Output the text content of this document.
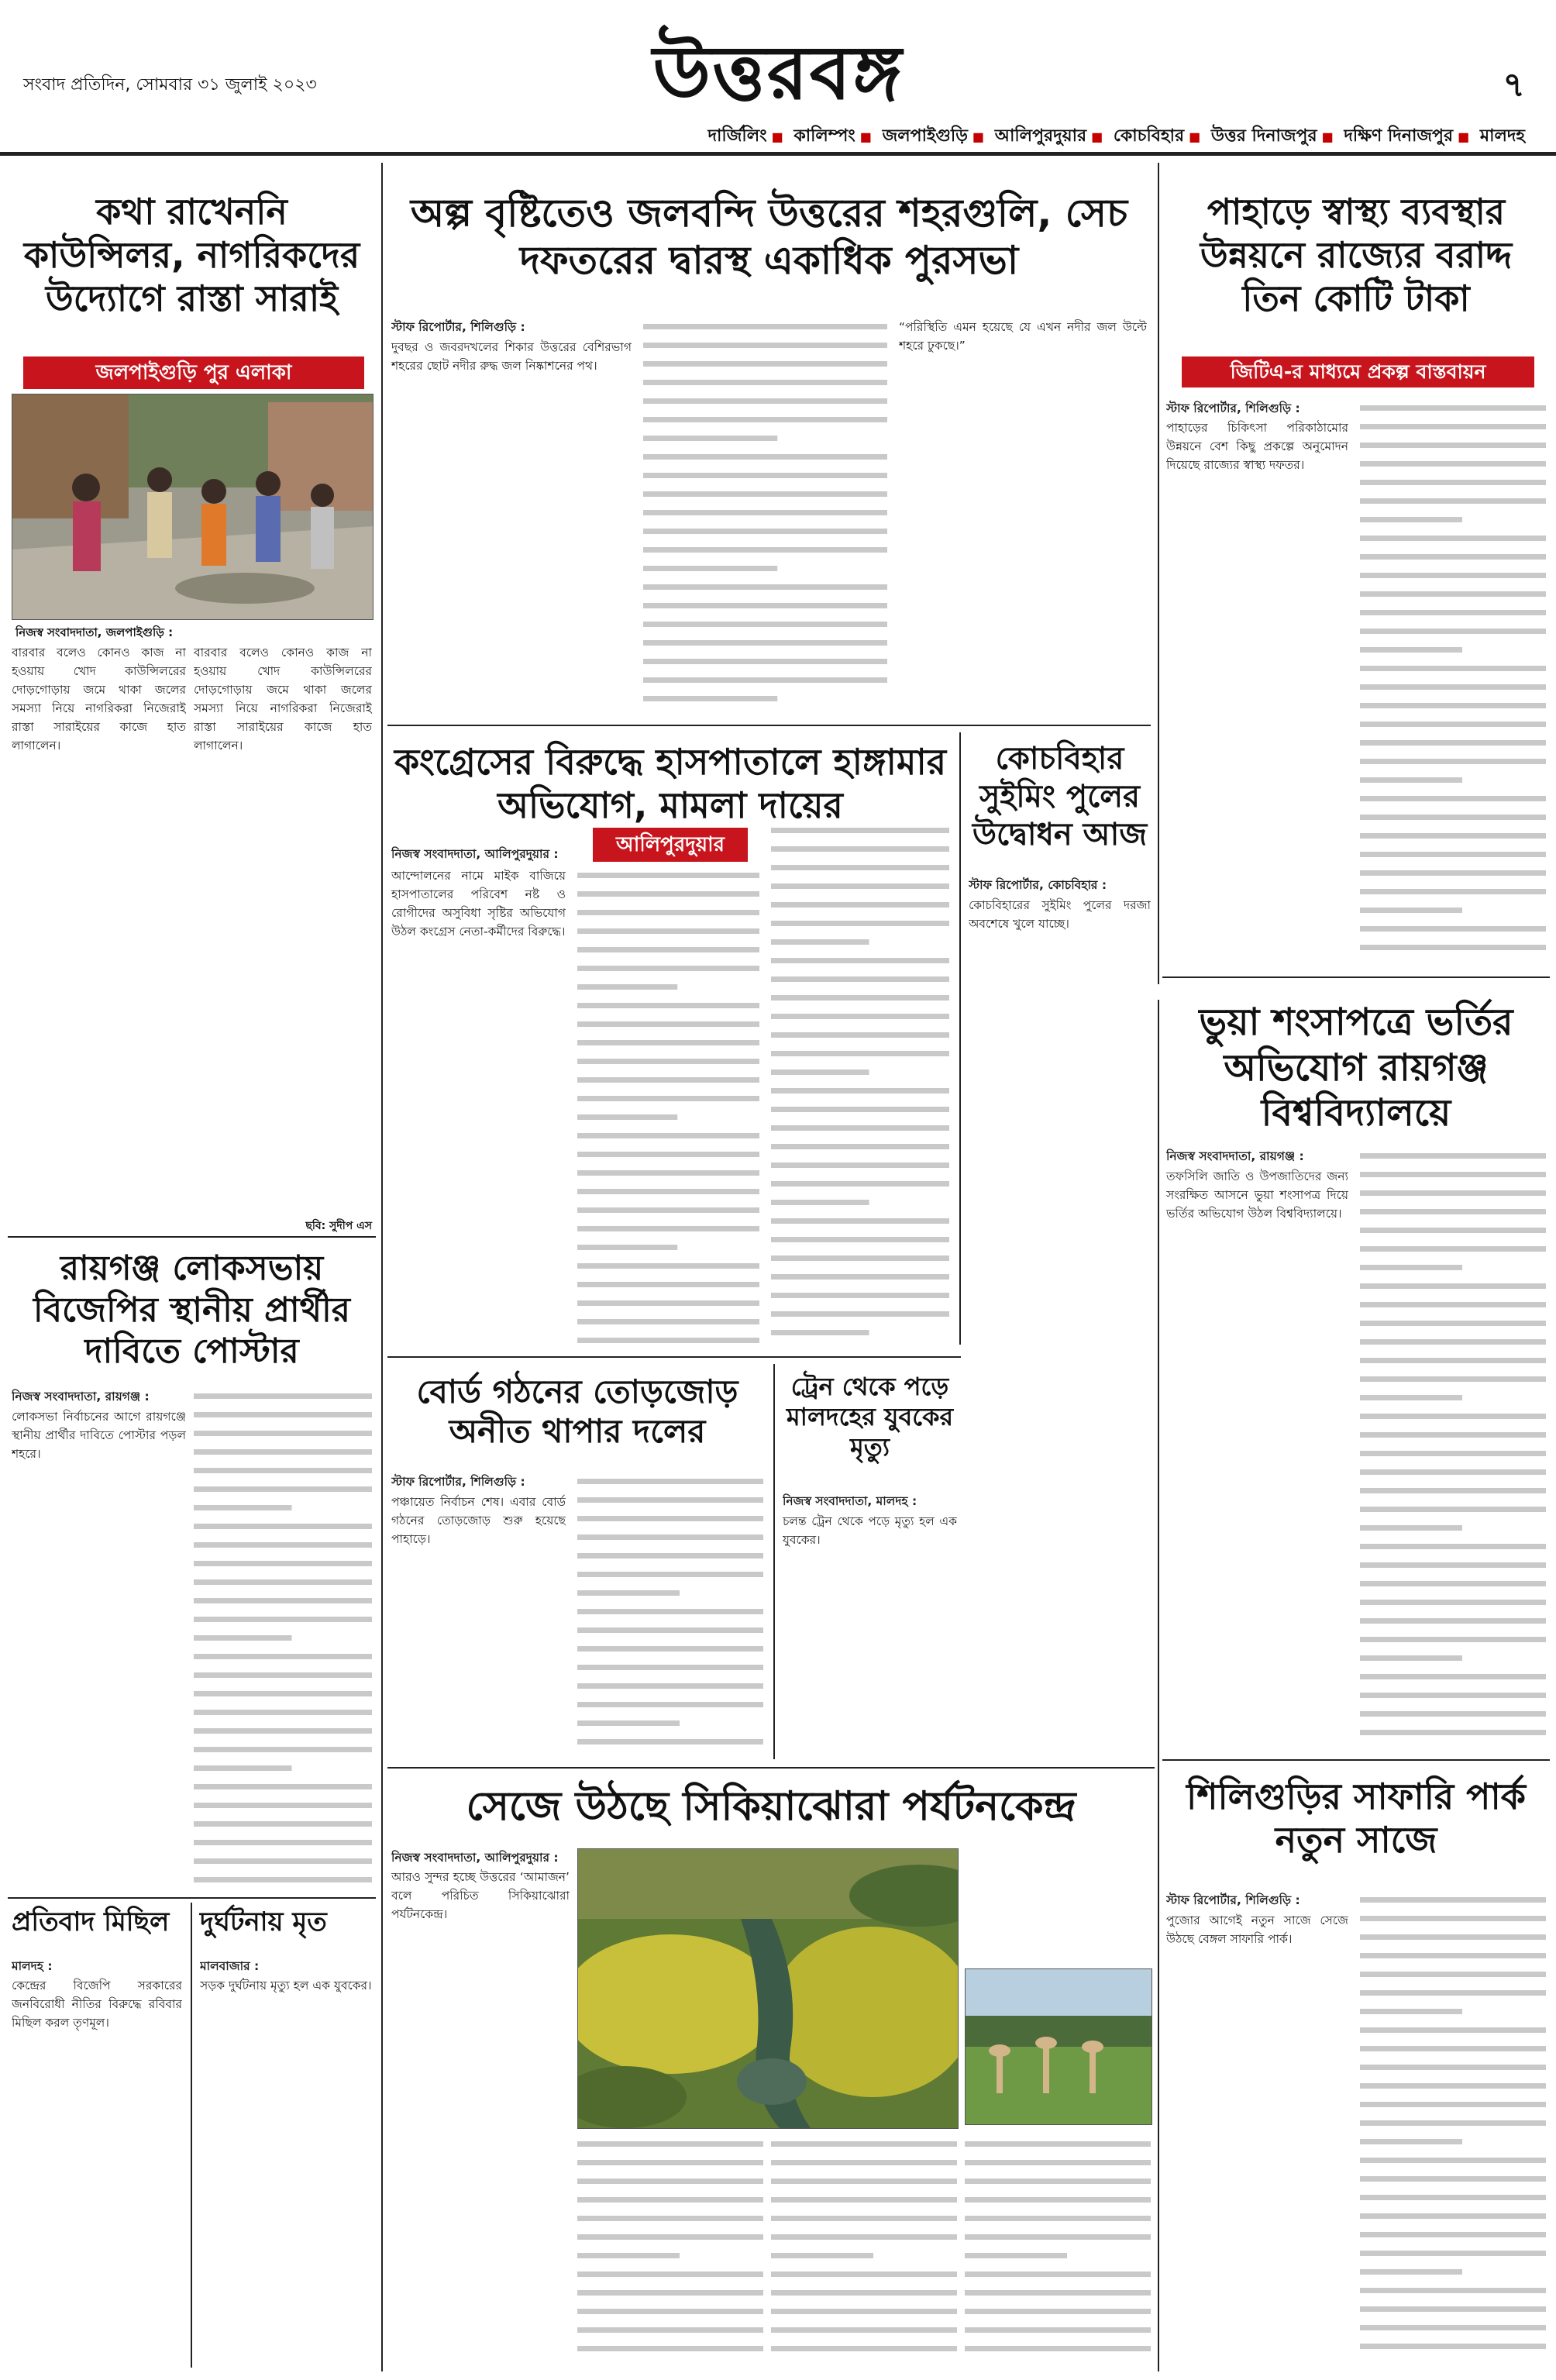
উত্তরবঙ্গ
সংবাদ প্রতিদিন, সোমবার ৩১ জুলাই ২০২৩	৭
দার্জিলিং ■ কালিম্পং ■ জলপাইগুড়ি ■ আলিপুরদুয়ার ■ কোচবিহার ■ উত্তর দিনাজপুর ■ দক্ষিণ দিনাজপুর ■ মালদহ
কথা রাখেননি কাউন্সিলর, নাগরিকদের উদ্যোগে রাস্তা সারাই
জলপাইগুড়ি পুর এলাকা
নিজস্ব সংবাদদাতা, জলপাইগুড়ি :
বারবার বলেও কোনও কাজ না হওয়ায় খোদ কাউন্সিলরের দোড়গোড়ায় জমে থাকা জলের সমস্যা নিয়ে নাগরিকরা নিজেরাই রাস্তা সারাইয়ের কাজে হাত লাগালেন।
বারবার বলেও কোনও কাজ না হওয়ায় খোদ কাউন্সিলরের দোড়গোড়ায় জমে থাকা জলের সমস্যা নিয়ে নাগরিকরা নিজেরাই রাস্তা সারাইয়ের কাজে হাত লাগালেন।
ছবি: সুদীপ এস
অল্প বৃষ্টিতেও জলবন্দি উত্তরের শহরগুলি, সেচ দফতরের দ্বারস্থ একাধিক পুরসভা
স্টাফ রিপোর্টার, শিলিগুড়ি :
দুবছর ও জবরদখলের শিকার উত্তরের বেশিরভাগ শহরের ছোট নদীর রুদ্ধ জল নিষ্কাশনের পথ।
“পরিস্থিতি এমন হয়েছে যে এখন নদীর জল উল্টে শহরে ঢুকছে।”
পাহাড়ে স্বাস্থ্য ব্যবস্থার উন্নয়নে রাজ্যের বরাদ্দ তিন কোটি টাকা
জিটিএ-র মাধ্যমে প্রকল্প বাস্তবায়ন
স্টাফ রিপোর্টার, শিলিগুড়ি :
পাহাড়ের চিকিৎসা পরিকাঠামোর উন্নয়নে বেশ কিছু প্রকল্পে অনুমোদন দিয়েছে রাজ্যের স্বাস্থ্য দফতর।
কংগ্রেসের বিরুদ্ধে হাসপাতালে হাঙ্গামার অভিযোগ, মামলা দায়ের
নিজস্ব সংবাদদাতা, আলিপুরদুয়ার :	আলিপুরদুয়ার
আন্দোলনের নামে মাইক বাজিয়ে হাসপাতালের পরিবেশ নষ্ট ও রোগীদের অসুবিধা সৃষ্টির অভিযোগ উঠল কংগ্রেস নেতা-কর্মীদের বিরুদ্ধে।
কোচবিহার সুইমিং পুলের উদ্বোধন আজ
স্টাফ রিপোর্টার, কোচবিহার :
কোচবিহারের সুইমিং পুলের দরজা অবশেষে খুলে যাচ্ছে।
ভুয়া শংসাপত্রে ভর্তির অভিযোগ রায়গঞ্জ বিশ্ববিদ্যালয়ে
নিজস্ব সংবাদদাতা, রায়গঞ্জ :
তফসিলি জাতি ও উপজাতিদের জন্য সংরক্ষিত আসনে ভুয়া শংসাপত্র দিয়ে ভর্তির অভিযোগ উঠল বিশ্ববিদ্যালয়ে।
রায়গঞ্জ লোকসভায় বিজেপির স্থানীয় প্রার্থীর দাবিতে পোস্টার
নিজস্ব সংবাদদাতা, রায়গঞ্জ :
লোকসভা নির্বাচনের আগে রায়গঞ্জে স্থানীয় প্রার্থীর দাবিতে পোস্টার পড়ল শহরে।
বোর্ড গঠনের তোড়জোড় অনীত থাপার দলের
স্টাফ রিপোর্টার, শিলিগুড়ি :
পঞ্চায়েত নির্বাচন শেষ। এবার বোর্ড গঠনের তোড়জোড় শুরু হয়েছে পাহাড়ে।
ট্রেন থেকে পড়ে মালদহের যুবকের মৃত্যু
নিজস্ব সংবাদদাতা, মালদহ :
চলন্ত ট্রেন থেকে পড়ে মৃত্যু হল এক যুবকের।
প্রতিবাদ মিছিল
মালদহ :
কেন্দ্রের বিজেপি সরকারের জনবিরোধী নীতির বিরুদ্ধে রবিবার মিছিল করল তৃণমূল।
দুর্ঘটনায় মৃত
মালবাজার :
সড়ক দুর্ঘটনায় মৃত্যু হল এক যুবকের।
সেজে উঠছে সিকিয়াঝোরা পর্যটনকেন্দ্র
নিজস্ব সংবাদদাতা, আলিপুরদুয়ার :
আরও সুন্দর হচ্ছে উত্তরের ‘আমাজন’ বলে পরিচিত সিকিয়াঝোরা পর্যটনকেন্দ্র।
শিলিগুড়ির সাফারি পার্ক নতুন সাজে
স্টাফ রিপোর্টার, শিলিগুড়ি :
পুজোর আগেই নতুন সাজে সেজে উঠছে বেঙ্গল সাফারি পার্ক।
